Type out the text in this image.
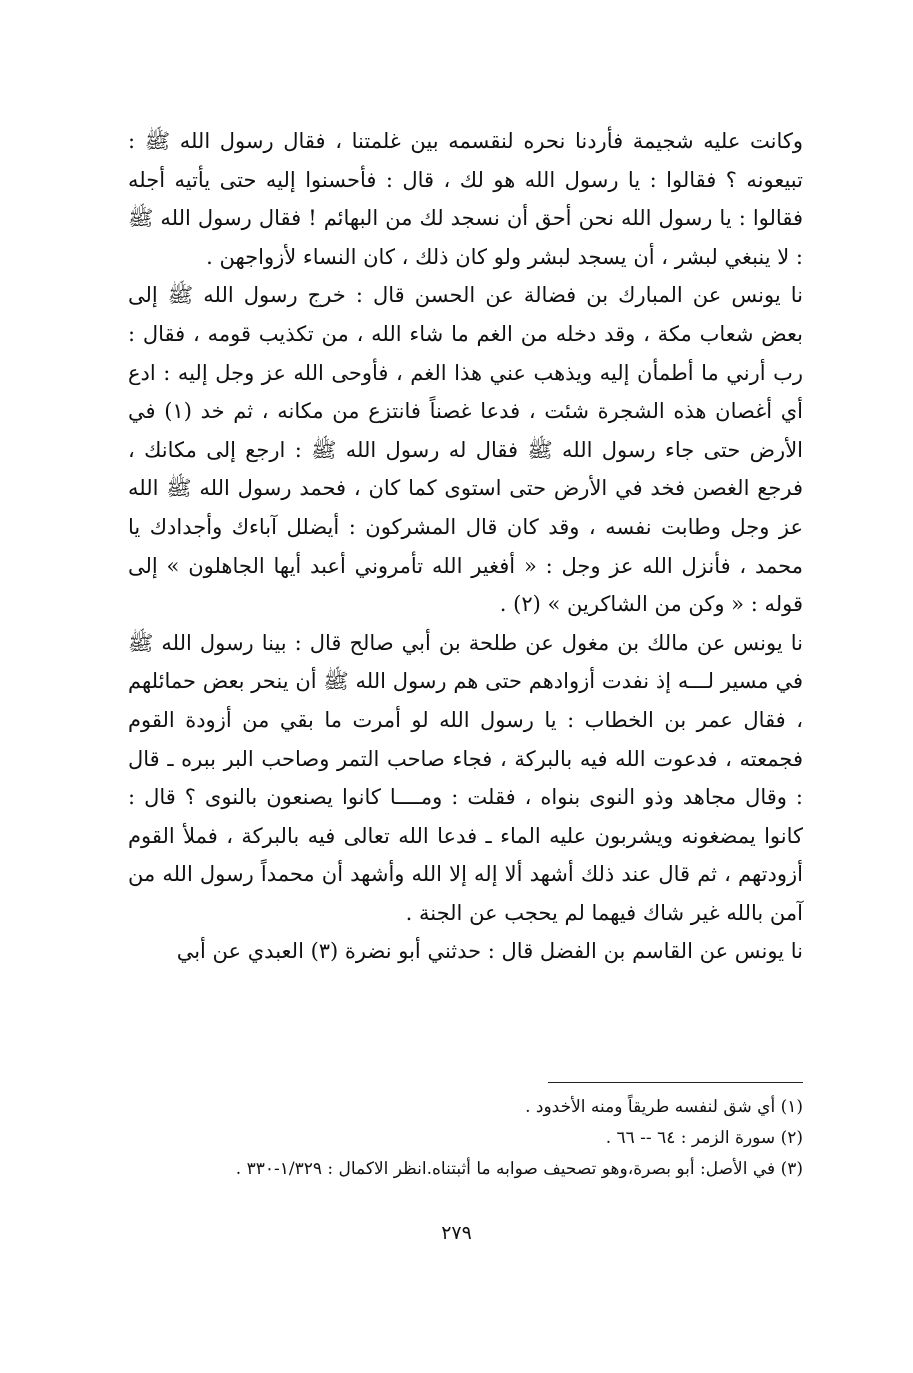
وكانت عليه شجيمة فأردنا نحره لنقسمه بين غلمتنا ، فقال رسول الله ﷺ : تبيعونه ؟ فقالوا : يا رسول الله هو لك ، قال : فأحسنوا إليه حتى يأتيه أجله فقالوا : يا رسول الله نحن أحق أن نسجد لك من البهائم ! فقال رسول الله ﷺ : لا ينبغي لبشر ، أن يسجد لبشر ولو كان ذلك ، كان النساء لأزواجهن .

نا يونس عن المبارك بن فضالة عن الحسن قال : خرج رسول الله ﷺ إلى بعض شعاب مكة ، وقد دخله من الغم ما شاء الله ، من تكذيب قومه ، فقال : رب أرني ما أطمأن إليه ويذهب عني هذا الغم ، فأوحى الله عز وجل إليه : ادع أي أغصان هذه الشجرة شئت ، فدعا غصناً فانتزع من مكانه ، ثم خد (١) في الأرض حتى جاء رسول الله ﷺ فقال له رسول الله ﷺ : ارجع إلى مكانك ، فرجع الغصن فخد في الأرض حتى استوى كما كان ، فحمد رسول الله ﷺ الله عز وجل وطابت نفسه ، وقد كان قال المشركون : أيضلل آباءك وأجدادك يا محمد ، فأنزل الله عز وجل : « أفغير الله تأمروني أعبد أيها الجاهلون » إلى قوله : « وكن من الشاكرين » (٢) .

نا يونس عن مالك بن مغول عن طلحة بن أبي صالح قال : بينا رسول الله ﷺ في مسير لـــه إذ نفدت أزوادهم حتى هم رسول الله ﷺ أن ينحر بعض حمائلهم ، فقال عمر بن الخطاب : يا رسول الله لو أمرت ما بقي من أزودة القوم فجمعته ، فدعوت الله فيه بالبركة ، فجاء صاحب التمر وصاحب البر ببره ـ قال : وقال مجاهد وذو النوى بنواه ، فقلت : ومــــا كانوا يصنعون بالنوى ؟ قال : كانوا يمضغونه ويشربون عليه الماء ـ فدعا الله تعالى فيه بالبركة ، فملأ القوم أزودتهم ، ثم قال عند ذلك أشهد ألا إله إلا الله وأشهد أن محمداً رسول الله من آمن بالله غير شاك فيهما لم يحجب عن الجنة .

نا يونس عن القاسم بن الفضل قال : حدثني أبو نضرة (٣) العبدي عن أبي

(١) أي شق لنفسه طريقاً ومنه الأخدود .

(٢) سورة الزمر : ٦٤ -- ٦٦ .

(٣) في الأصل: أبو بصرة،وهو تصحيف صوابه ما أثبتناه.انظر الاكمال : ١/٣٢٩-٣٣٠ .

٢٧٩
